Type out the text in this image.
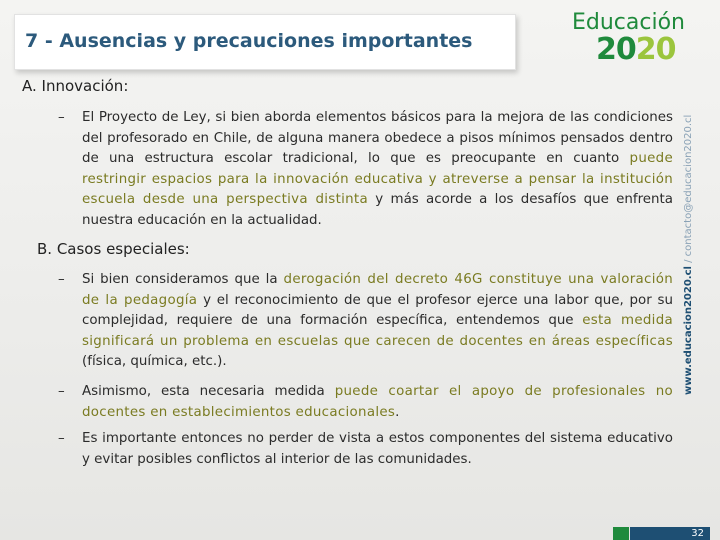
7 - Ausencias y precauciones importantes
Educación
2020
A. Innovación:

–	El Proyecto de Ley, si bien aborda elementos básicos para la mejora de las condiciones del profesorado en Chile, de alguna manera obedece a pisos mínimos pensados dentro de una estructura escolar tradicional, lo que es preocupante en cuanto puede restringir espacios para la innovación educativa y atreverse a pensar la institución escuela desde una perspectiva distinta y más acorde a los desafíos que enfrenta nuestra educación en la actualidad.

B. Casos especiales:

–	Si bien consideramos que la derogación del decreto 46G constituye una valoración de la pedagogía y el reconocimiento de que el profesor ejerce una labor que, por su complejidad, requiere de una formación específica, entendemos que esta medida significará un problema en escuelas que carecen de docentes en áreas específicas (física, química, etc.).

–	Asimismo, esta necesaria medida puede coartar el apoyo de profesionales no docentes en establecimientos educacionales.

–	Es importante entonces no perder de vista a estos componentes del sistema educativo y evitar posibles conflictos al interior de las comunidades.

www.educacion2020.cl / contacto@educacion2020.cl
32
